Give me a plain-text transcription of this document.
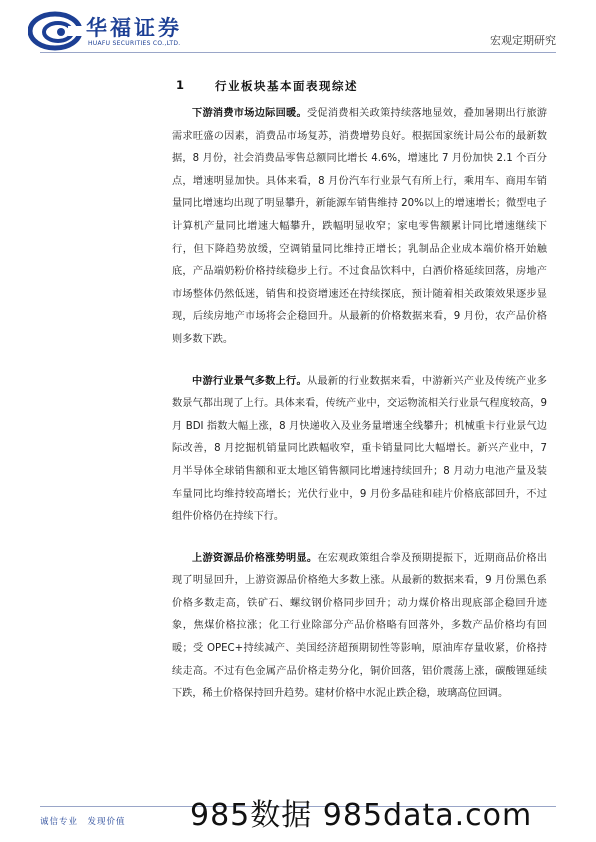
华福证券
HUAFU SECURITIES CO.,LTD.	宏观定期研究
1	行业板块基本面表现综述

下游消费市场边际回暖。受促消费相关政策持续落地显效，叠加暑期出行旅游需求旺盛の因素，消费品市场复苏，消费增势良好。根据国家统计局公布的最新数据，8 月份，社会消费品零售总额同比增长 4.6%，增速比 7 月份加快 2.1 个百分点，增速明显加快。具体来看，8 月份汽车行业景气有所上行，乘用车、商用车销量同比增速均出现了明显攀升，新能源车销售维持 20%以上的增速增长；微型电子计算机产量同比增速大幅攀升，跌幅明显收窄；家电零售额累计同比增速继续下行，但下降趋势放缓，空调销量同比维持正增长；乳制品企业成本端价格开始触底，产品端奶粉价格持续稳步上行。不过食品饮料中，白酒价格延续回落，房地产市场整体仍然低迷，销售和投资增速还在持续探底，预计随着相关政策效果逐步显现，后续房地产市场将会企稳回升。从最新的价格数据来看，9 月份，农产品价格则多数下跌。

中游行业景气多数上行。从最新的行业数据来看，中游新兴产业及传统产业多数景气都出现了上行。具体来看，传统产业中，交运物流相关行业景气程度较高，9 月 BDI 指数大幅上涨，8 月快递收入及业务量增速全线攀升；机械重卡行业景气边际改善，8 月挖掘机销量同比跌幅收窄，重卡销量同比大幅增长。新兴产业中，7 月半导体全球销售额和亚太地区销售额同比增速持续回升；8 月动力电池产量及装车量同比均维持较高增长；光伏行业中，9 月份多晶硅和硅片价格底部回升，不过组件价格仍在持续下行。

上游资源品价格涨势明显。在宏观政策组合拳及预期提振下，近期商品价格出现了明显回升，上游资源品价格绝大多数上涨。从最新的数据来看，9 月份黑色系价格多数走高，铁矿石、螺纹钢价格同步回升；动力煤价格出现底部企稳回升迹象，焦煤价格拉涨；化工行业除部分产品价格略有回落外，多数产品价格均有回暖；受 OPEC+持续减产、美国经济超预期韧性等影响，原油库存量收紧，价格持续走高。不过有色金属产品价格走势分化，铜价回落，铝价震荡上涨，碳酸锂延续下跌，稀土价格保持回升趋势。建材价格中水泥止跌企稳，玻璃高位回调。

诚信专业　发现价值 985数据 985data.com
